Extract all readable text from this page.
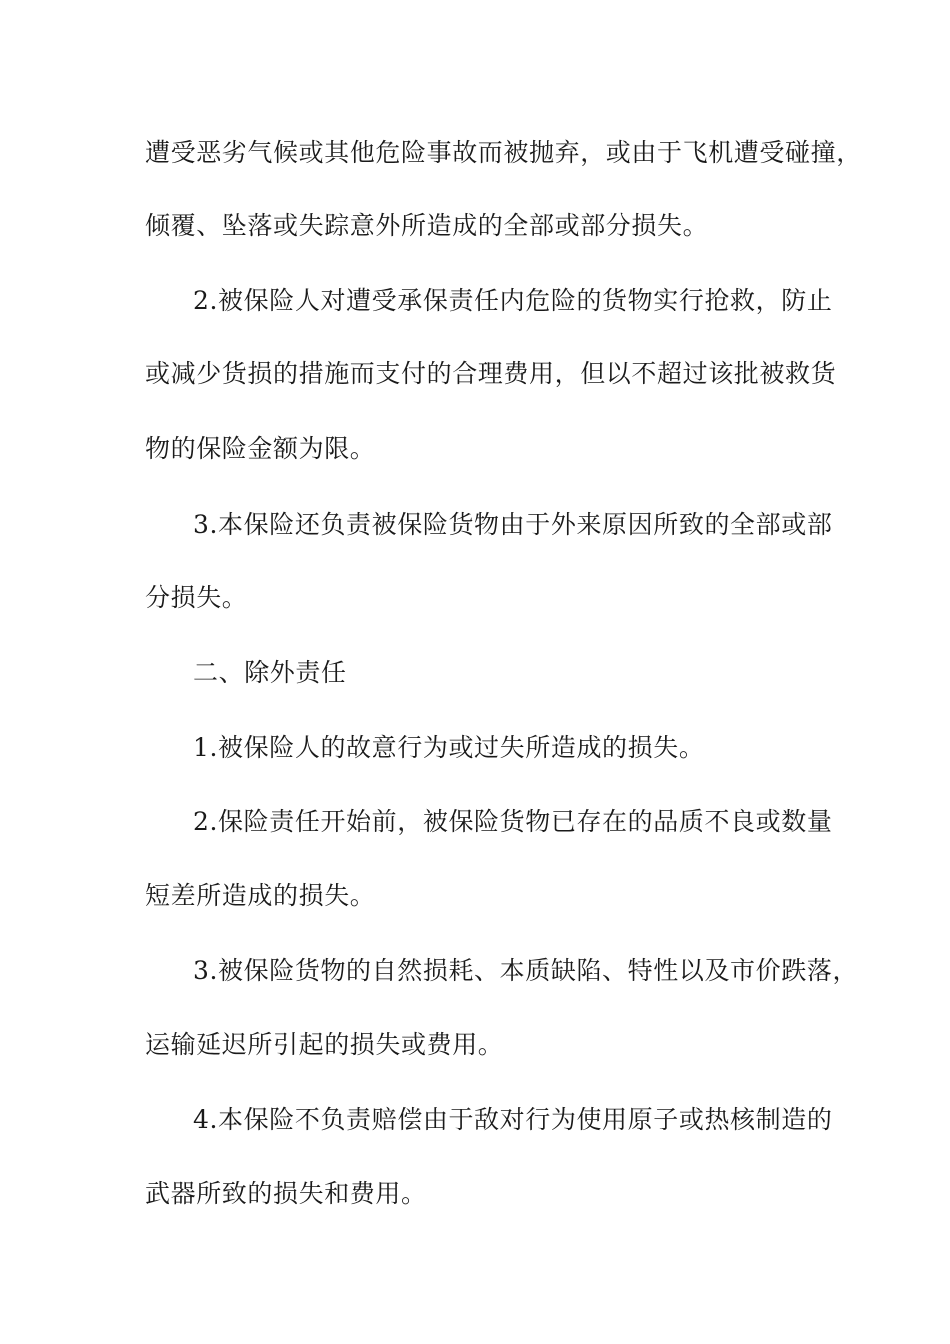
遭受恶劣气候或其他危险事故而被抛弃，或由于飞机遭受碰撞，
倾覆、坠落或失踪意外所造成的全部或部分损失。
2.被保险人对遭受承保责任内危险的货物实行抢救，防止
或减少货损的措施而支付的合理费用，但以不超过该批被救货
物的保险金额为限。
3.本保险还负责被保险货物由于外来原因所致的全部或部
分损失。
二、除外责任
1.被保险人的故意行为或过失所造成的损失。
2.保险责任开始前，被保险货物已存在的品质不良或数量
短差所造成的损失。
3.被保险货物的自然损耗、本质缺陷、特性以及市价跌落，
运输延迟所引起的损失或费用。
4.本保险不负责赔偿由于敌对行为使用原子或热核制造的
武器所致的损失和费用。
